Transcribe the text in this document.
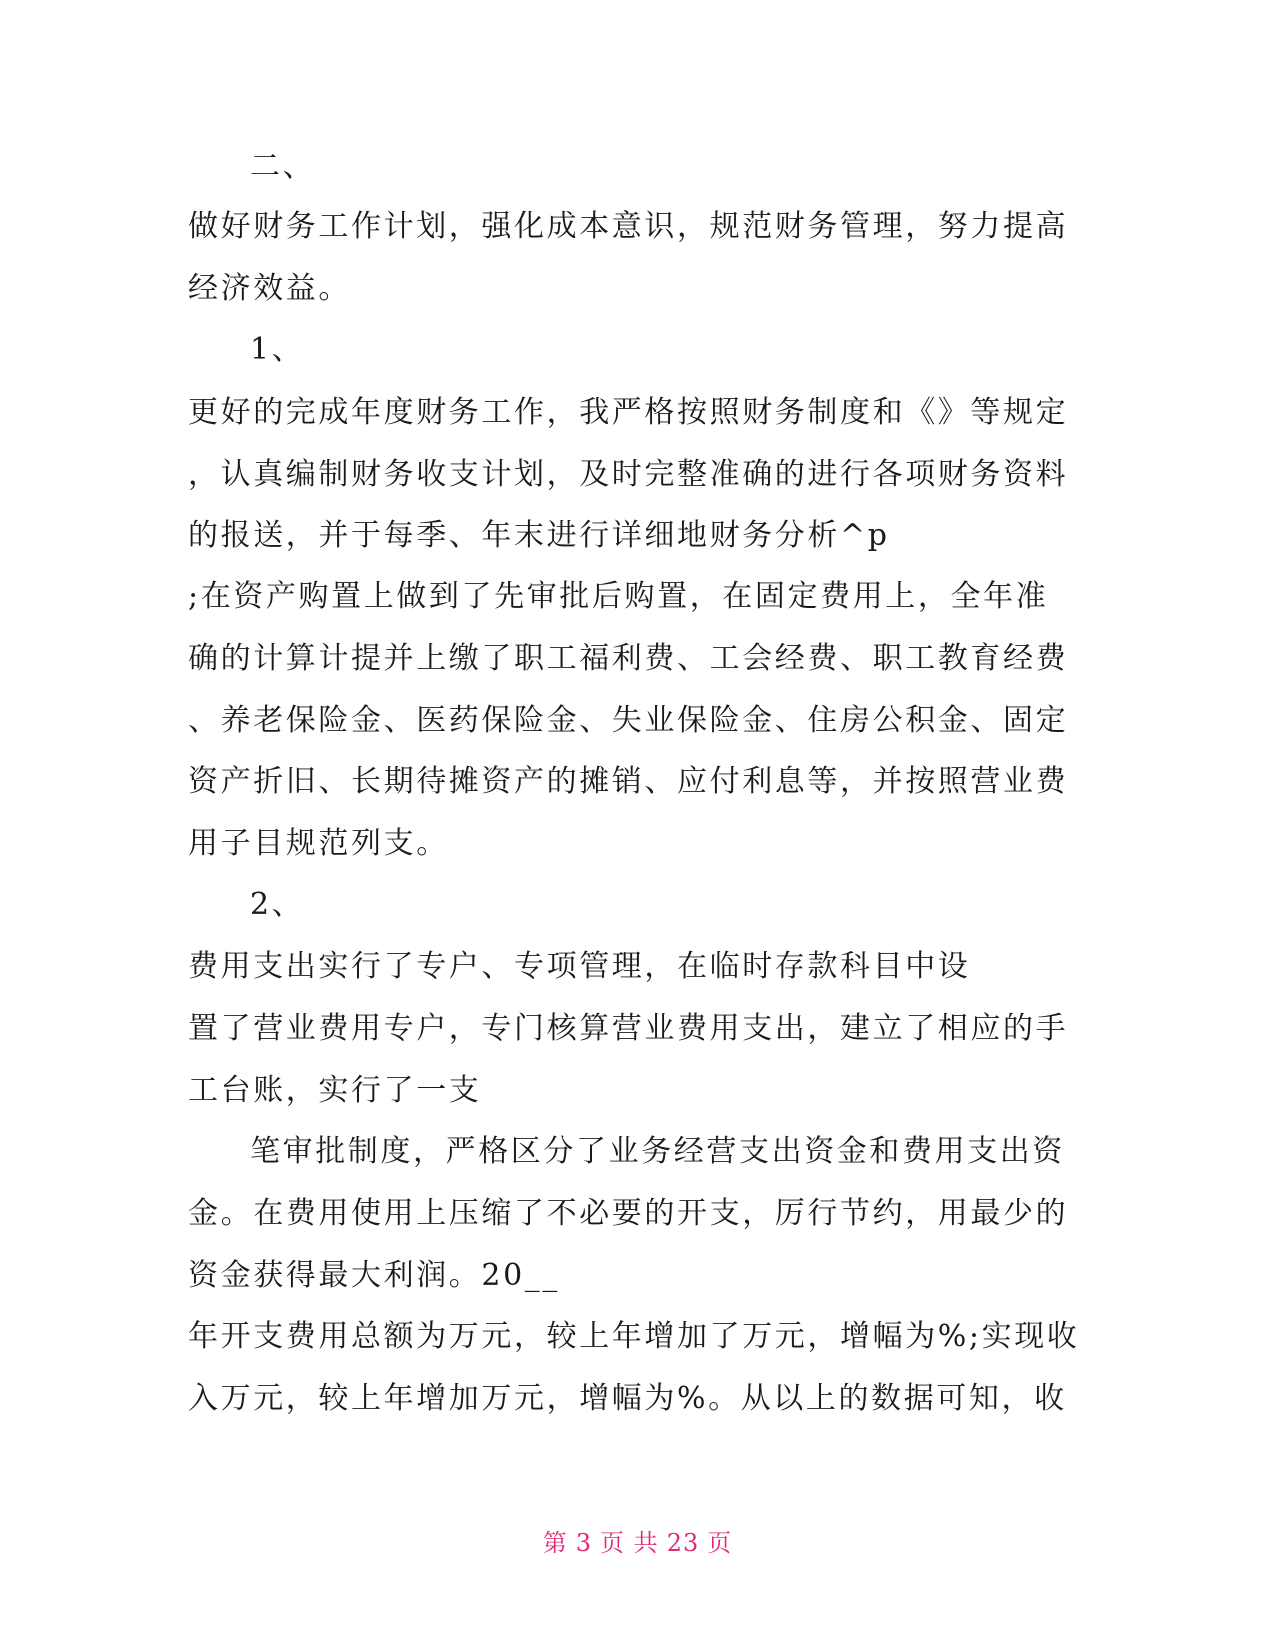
二、
做好财务工作计划，强化成本意识，规范财务管理，努力提高
经济效益。
1、
更好的完成年度财务工作，我严格按照财务制度和《》等规定
，认真编制财务收支计划，及时完整准确的进行各项财务资料
的报送，并于每季、年末进行详细地财务分析^p
;在资产购置上做到了先审批后购置，在固定费用上，全年准
确的计算计提并上缴了职工福利费、工会经费、职工教育经费
、养老保险金、医药保险金、失业保险金、住房公积金、固定
资产折旧、长期待摊资产的摊销、应付利息等，并按照营业费
用子目规范列支。
2、
费用支出实行了专户、专项管理，在临时存款科目中设
置了营业费用专户，专门核算营业费用支出，建立了相应的手
工台账，实行了一支
笔审批制度，严格区分了业务经营支出资金和费用支出资
金。在费用使用上压缩了不必要的开支，厉行节约，用最少的
资金获得最大利润。20__
年开支费用总额为万元，较上年增加了万元，增幅为%;实现收
入万元，较上年增加万元，增幅为%。从以上的数据可知，收
第 3 页 共 23 页
